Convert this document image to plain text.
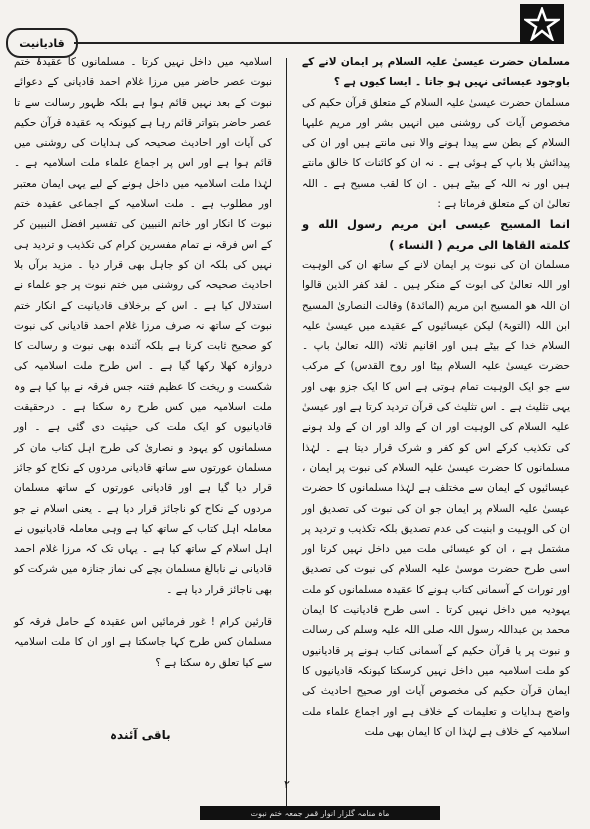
قادیانیت

اسلامیہ میں داخل نہیں کرتا ۔ مسلمانوں کا عقیدۂ ختم نبوت عصر حاضر میں مرزا غلام احمد قادیانی کے دعوائے نبوت کے بعد نہیں قائم ہوا ہے بلکہ ظہور رسالت سے تا عصر حاضر بتواتر قائم رہا ہے کیونکہ یہ عقیدہ قرآن حکیم کی آیات اور احادیث صحیحہ کی ہدایات کی روشنی میں قائم ہوا ہے اور اس پر اجماع علماء ملت اسلامیہ ہے ۔ لہٰذا ملت اسلامیہ میں داخل ہونے کے لیے یہی ایمان معتبر اور مطلوب ہے ۔ ملت اسلامیہ کے اجماعی عقیدہ ختم نبوت کا انکار اور خاتم النبیین کی تفسیر افضل النبیین کر کے اس فرقہ نے تمام مفسرین کرام کی تکذیب و تردید ہی نہیں کی بلکہ ان کو جاہل بھی قرار دیا ۔ مزید برآں بلا احادیث صحیحہ کی روشنی میں ختم نبوت پر جو علماء نے استدلال کیا ہے ۔ اس کے برخلاف قادیانیت کے انکار ختم نبوت کے ساتھ نہ صرف مرزا غلام احمد قادیانی کی نبوت کو صحیح ثابت کرنا ہے بلکہ آئندہ بھی نبوت و رسالت کا دروازہ کھلا رکھا گیا ہے ۔ اس طرح ملت اسلامیہ کی شکست و ریخت کا عظیم فتنہ جس فرقہ نے بپا کیا ہے وہ ملت اسلامیہ میں کس طرح رہ سکتا ہے ۔ درحقیقت قادیانیوں کو ایک ملت کی حیثیت دی گئی ہے ۔ اور مسلمانوں کو یہود و نصاریٰ کی طرح اہل کتاب مان کر مسلمان عورتوں سے ساتھ قادیانی مردوں کے نکاح کو جائز قرار دیا گیا ہے اور قادیانی عورتوں کے ساتھ مسلمان مردوں کے نکاح کو ناجائز قرار دیا ہے ۔ یعنی اسلام نے جو معاملہ اہل کتاب کے ساتھ کیا ہے وہی معاملہ قادیانیوں نے اہل اسلام کے ساتھ کیا ہے ۔ یہاں تک کہ مرزا غلام احمد قادیانی نے نابالغ مسلمان بچے کی نماز جنازہ میں شرکت کو بھی ناجائز قرار دیا ہے ۔

قارئین کرام ! غور فرمائیں اس عقیدہ کے حامل فرقہ کو مسلمان کس طرح کہا جاسکتا ہے اور ان کا ملت اسلامیہ سے کیا تعلق رہ سکتا ہے ؟

مسلمان حضرت عیسیٰ علیہ السلام پر ایمان لانے کے باوجود عیسائی نہیں ہو جاتا ۔ ایسا کیوں ہے ؟

مسلمان حضرت عیسیٰ علیہ السلام کے متعلق قرآن حکیم کی مخصوص آیات کی روشنی میں انہیں بشر اور مریم علیہا السلام کے بطن سے پیدا ہونے والا نبی مانتے ہیں اور ان کی پیدائش بلا باپ کے ہوئی ہے ۔ نہ ان کو کائنات کا خالق مانتے ہیں اور نہ اللہ کے بیٹے ہیں ۔ ان کا لقب مسیح ہے ۔ اللہ تعالیٰ ان کے متعلق فرماتا ہے :

انما المسيح عيسى ابن مريم رسول الله و كلمته القاها الى مريم ( النساء )

مسلمان ان کی نبوت پر ایمان لانے کے ساتھ ان کی الوہیت اور اللہ تعالیٰ کی ابوت کے منکر ہیں ۔ لقد کفر الذین قالوا ان اللہ ھو المسیح ابن مریم (المائدۃ) وقالت النصاریٰ المسیح ابن اللہ (التوبۃ) لیکن عیسائیوں کے عقیدے میں عیسیٰ علیہ السلام خدا کے بیٹے ہیں اور اقانیم ثلاثہ (اللہ تعالیٰ باپ ۔ حضرت عیسیٰ علیہ السلام بیٹا اور روح القدس) کے مرکب سے جو ایک الوہیت تمام ہوتی ہے اس کا ایک جزو بھی اور یہی تثلیث ہے ۔ اس تثلیث کی قرآن تردید کرتا ہے اور عیسیٰ علیہ السلام کی الوہیت اور ان کے والد اور ان کے ولد ہونے کی تکذیب کرکے اس کو کفر و شرک قرار دیتا ہے ۔ لہٰذا مسلمانوں کا حضرت عیسیٰ علیہ السلام کی نبوت پر ایمان ، عیسائیوں کے ایمان سے مختلف ہے لہٰذا مسلمانوں کا حضرت عیسیٰ علیہ السلام پر ایمان جو ان کی نبوت کی تصدیق اور ان کی الوہیت و ابنیت کی عدم تصدیق بلکہ تکذیب و تردید پر مشتمل ہے ، ان کو عیسائی ملت میں داخل نہیں کرتا اور اسی طرح حضرت موسیٰ علیہ السلام کی نبوت کی تصدیق اور تورات کے آسمانی کتاب ہونے کا عقیدہ مسلمانوں کو ملت یہودیہ میں داخل نہیں کرتا ۔ اسی طرح قادیانیت کا ایمان محمد بن عبداللہ رسول اللہ صلی اللہ علیہ وسلم کی رسالت و نبوت پر یا قرآن حکیم کے آسمانی کتاب ہونے پر قادیانیوں کو ملت اسلامیہ میں داخل نہیں کرسکتا کیونکہ قادیانیوں کا ایمان قرآن حکیم کی مخصوص آیات اور صحیح احادیث کی واضح ہدایات و تعلیمات کے خلاف ہے اور اجماع علماء ملت اسلامیہ کے خلاف ہے لہٰذا ان کا ایمان بھی ملت

باقی آئندہ
۲
ماہ منامہ گلزار انوار قمر جمعہ ختم نبوت
